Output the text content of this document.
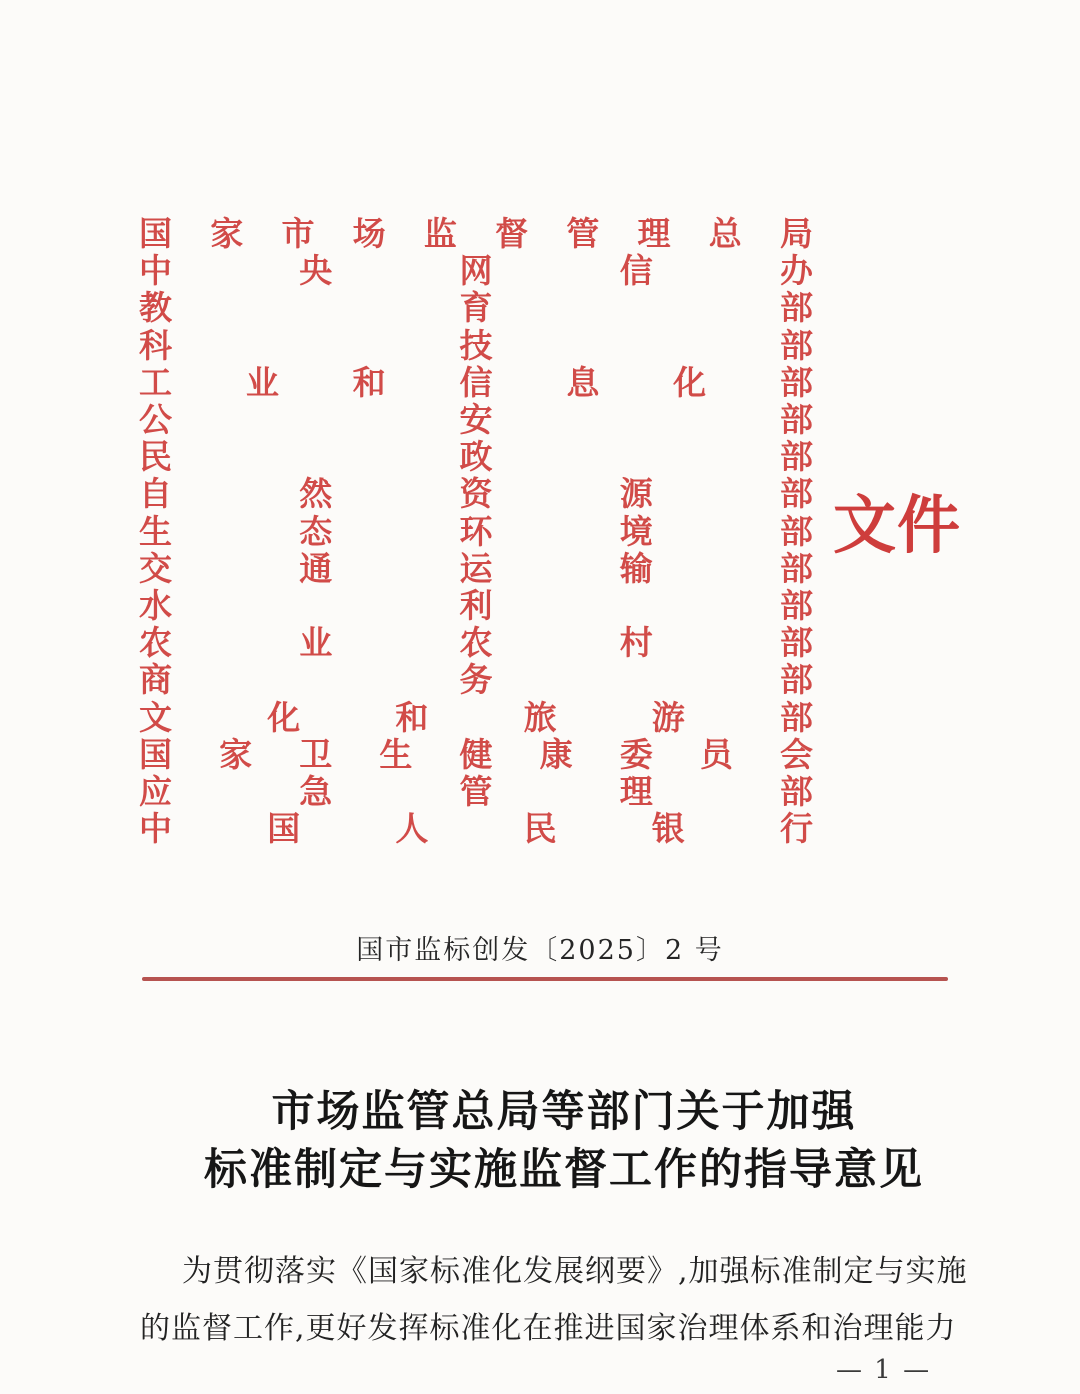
国 家 市 场 监 督 管 理 总 局
中	央	网	信	办
教	育	部
科	技	部
工 业 和 信 息 化 部
公	安	部
民	政	部
自	然	资	源	部
生	态	环	境	部
交	通	运	输	部
水	利	部
农	业	农	村	部
商	务	部
文	化	和	旅	游	部
国 家 卫 生 健 康 委 员 会
应	急	管	理	部
中	国	人	民	银	行
文件
国市监标创发〔2025〕2 号
市场监管总局等部门关于加强
标准制定与实施监督工作的指导意见
为贯彻落实《国家标准化发展纲要》,加强标准制定与实施
的监督工作,更好发挥标准化在推进国家治理体系和治理能力
— 1 —
